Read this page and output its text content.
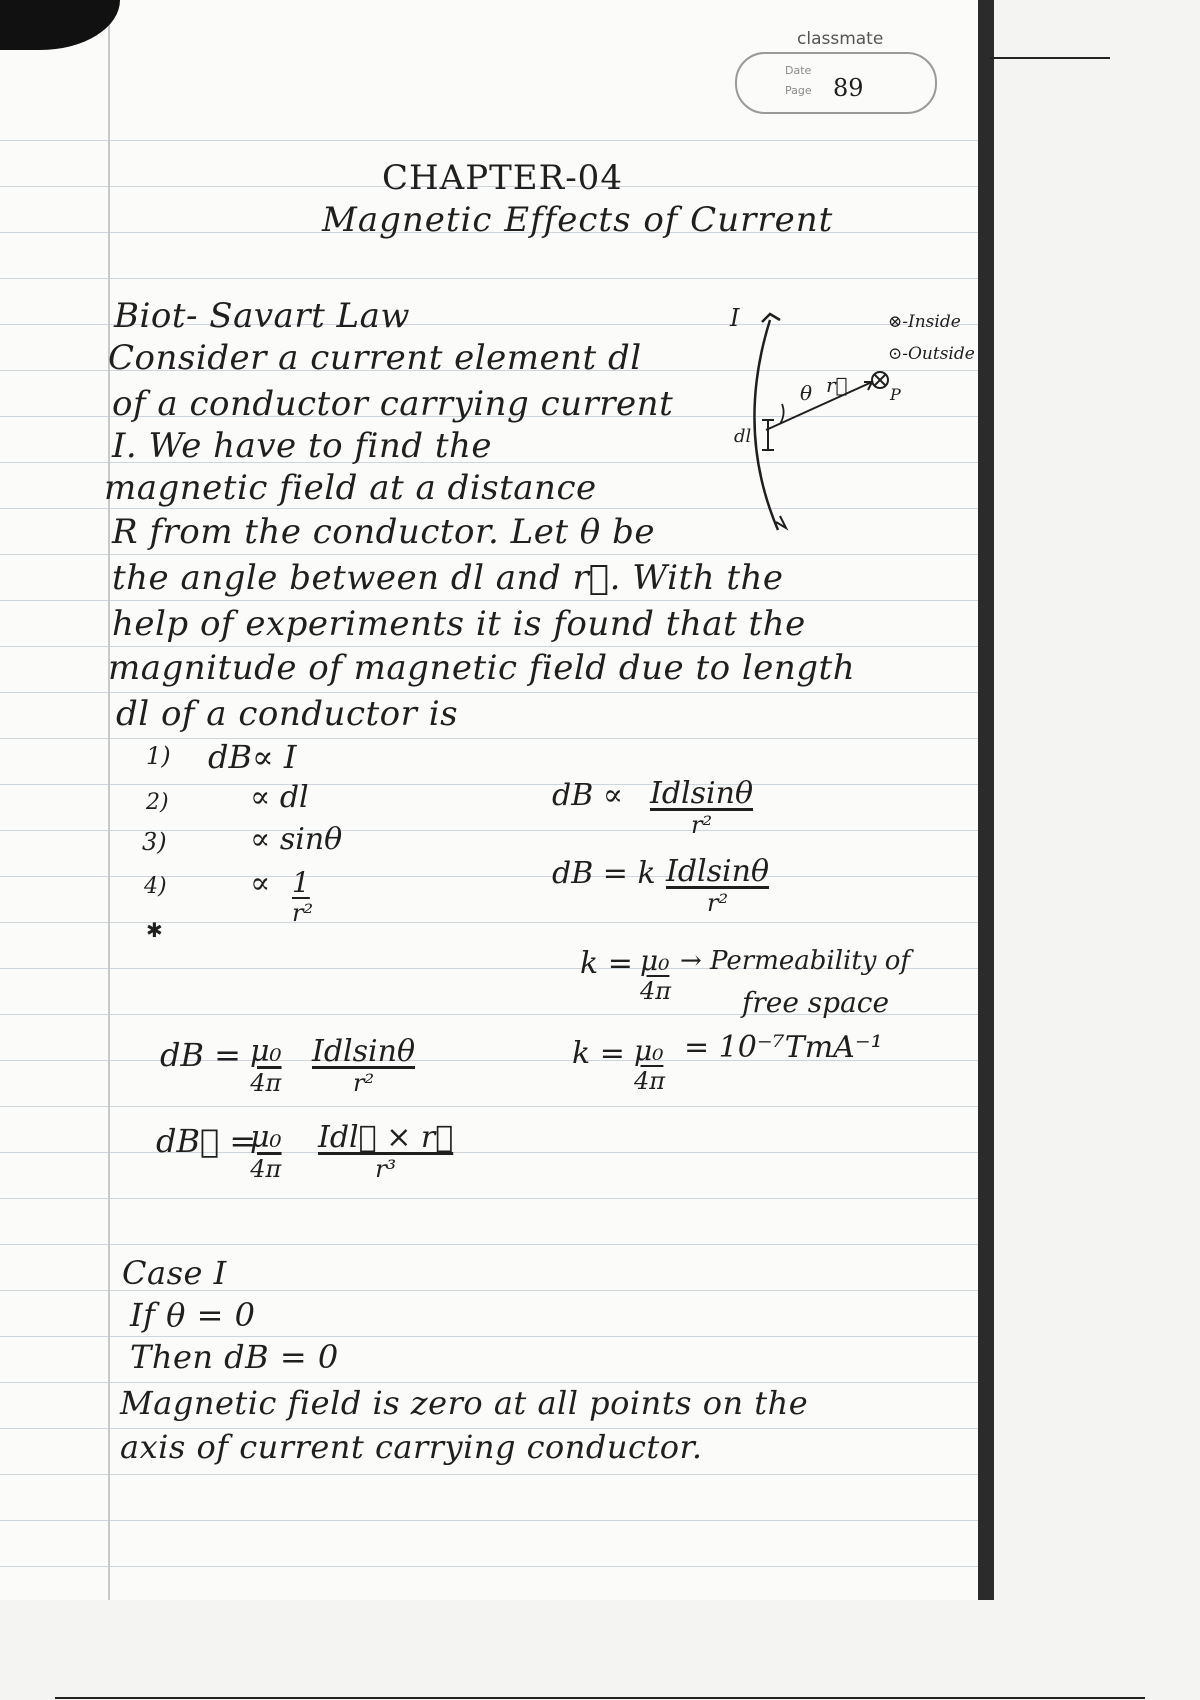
classmate
Date
Page 89
CHAPTER-04
Magnetic Effects of Current
Biot- Savart Law
Consider a current element dl
of a conductor carrying current
I. We have to find the
magnetic field at a distance
R from the conductor. Let θ be
the angle between dl and r⃗. With the
help of experiments it is found that the
magnitude of magnetic field due to length
dl of a conductor is
I
θ r⃗	P
dl
⊗-Inside
⊙-Outside
1) dB∝ I
2)	∝ dl
3)	∝ sinθ
4)	∝ $\frac{1}{\text{r²}}$
✱
dB ∝ Idlsinθ
r²
dB = k Idlsinθ
r²
$k = \frac{\text{μ₀}}{4\pi}$ → Permeability of
free space
$k = \frac{\text{μ₀}}{4\pi} = 10^{-7}TmA^{-1}$
dB = μ₀
4π
Idlsinθ
r²
dB⃗ =
μ₀
4π
Idl⃗ × r⃗
r³
Case I
If θ = 0
Then dB = 0
Magnetic field is zero at all points on the
axis of current carrying conductor.
